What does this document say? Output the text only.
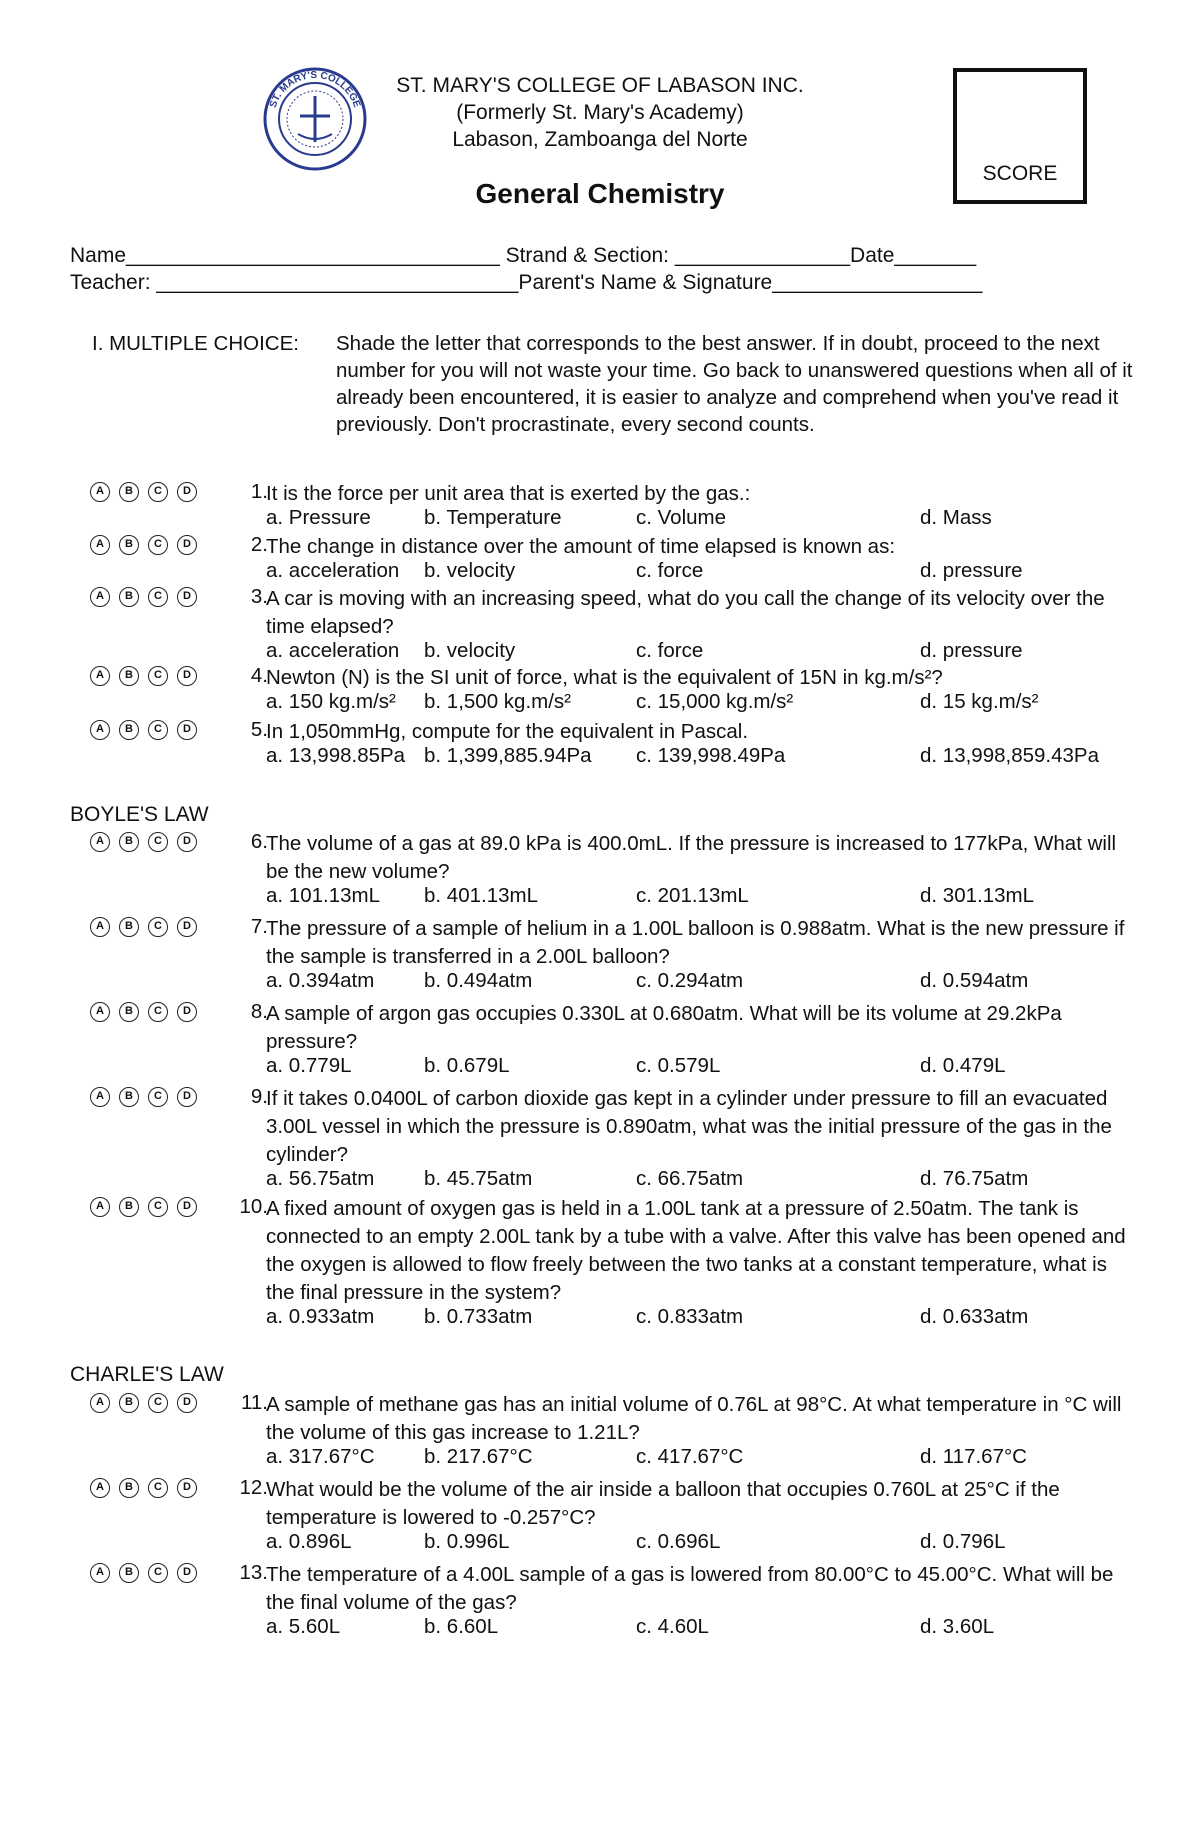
ST. MARY'S COLLEGE
ST. MARY'S COLLEGE OF LABASON INC.
(Formerly St. Mary's Academy)
Labason, Zamboanga del Norte
General Chemistry
SCORE
Name________________________________ Strand & Section: _______________Date_______
Teacher: _______________________________Parent's Name & Signature__________________
I. MULTIPLE CHOICE: Shade the letter that corresponds to the best answer. If in doubt, proceed to the next number for you will not waste your time. Go back to unanswered questions when all of it already been encountered, it is easier to analyze and comprehend when you've read it previously. Don't procrastinate, every second counts.
BOYLE'S LAW
CHARLE'S LAW
A	B	C	D	1.
It is the force per unit area that is exerted by the gas.:
a. Pressure	b. Temperature	c. Volume	d. Mass
A	B	C	D	2.
The change in distance over the amount of time elapsed is known as:
a. acceleration b. velocity	c. force	d. pressure
A	B	C	D	3.
A car is moving with an increasing speed, what do you call the change of its velocity over the time elapsed?
a. acceleration b. velocity	c. force	d. pressure
A	B	C	D	4.
Newton (N) is the SI unit of force, what is the equivalent of 15N in kg.m/s²?
a. 150 kg.m/s² b. 1,500 kg.m/s²	c. 15,000 kg.m/s²	d. 15 kg.m/s²
A	B	C	D	5.
In 1,050mmHg, compute for the equivalent in Pascal.
a. 13,998.85Pa b. 1,399,885.94Pa c. 139,998.49Pa	d. 13,998,859.43Pa
A	B	C	D	6.
The volume of a gas at 89.0 kPa is 400.0mL. If the pressure is increased to 177kPa, What will be the new volume?
a. 101.13mL b. 401.13mL	c. 201.13mL	d. 301.13mL
A	B	C	D	7.
The pressure of a sample of helium in a 1.00L balloon is 0.988atm. What is the new pressure if the sample is transferred in a 2.00L balloon?
a. 0.394atm b. 0.494atm	c. 0.294atm	d. 0.594atm
A	B	C	D	8.
A sample of argon gas occupies 0.330L at 0.680atm. What will be its volume at 29.2kPa pressure?
a. 0.779L	b. 0.679L	c. 0.579L	d. 0.479L
A	B	C	D	9.
If it takes 0.0400L of carbon dioxide gas kept in a cylinder under pressure to fill an evacuated 3.00L vessel in which the pressure is 0.890atm, what was the initial pressure of the gas in the cylinder?
a. 56.75atm b. 45.75atm	c. 66.75atm	d. 76.75atm
A	B	C	D	10.
A fixed amount of oxygen gas is held in a 1.00L tank at a pressure of 2.50atm. The tank is connected to an empty 2.00L tank by a tube with a valve. After this valve has been opened and the oxygen is allowed to flow freely between the two tanks at a constant temperature, what is the final pressure in the system?
a. 0.933atm b. 0.733atm	c. 0.833atm	d. 0.633atm
A	B	C	D	11.
A sample of methane gas has an initial volume of 0.76L at 98°C. At what temperature in °C will the volume of this gas increase to 1.21L?
a. 317.67°C b. 217.67°C	c. 417.67°C	d. 117.67°C
A	B	C	D	12.
What would be the volume of the air inside a balloon that occupies 0.760L at 25°C if the temperature is lowered to -0.257°C?
a. 0.896L	b. 0.996L	c. 0.696L	d. 0.796L
A	B	C	D	13.
The temperature of a 4.00L sample of a gas is lowered from 80.00°C to 45.00°C. What will be the final volume of the gas?
a. 5.60L	b. 6.60L	c. 4.60L	d. 3.60L
